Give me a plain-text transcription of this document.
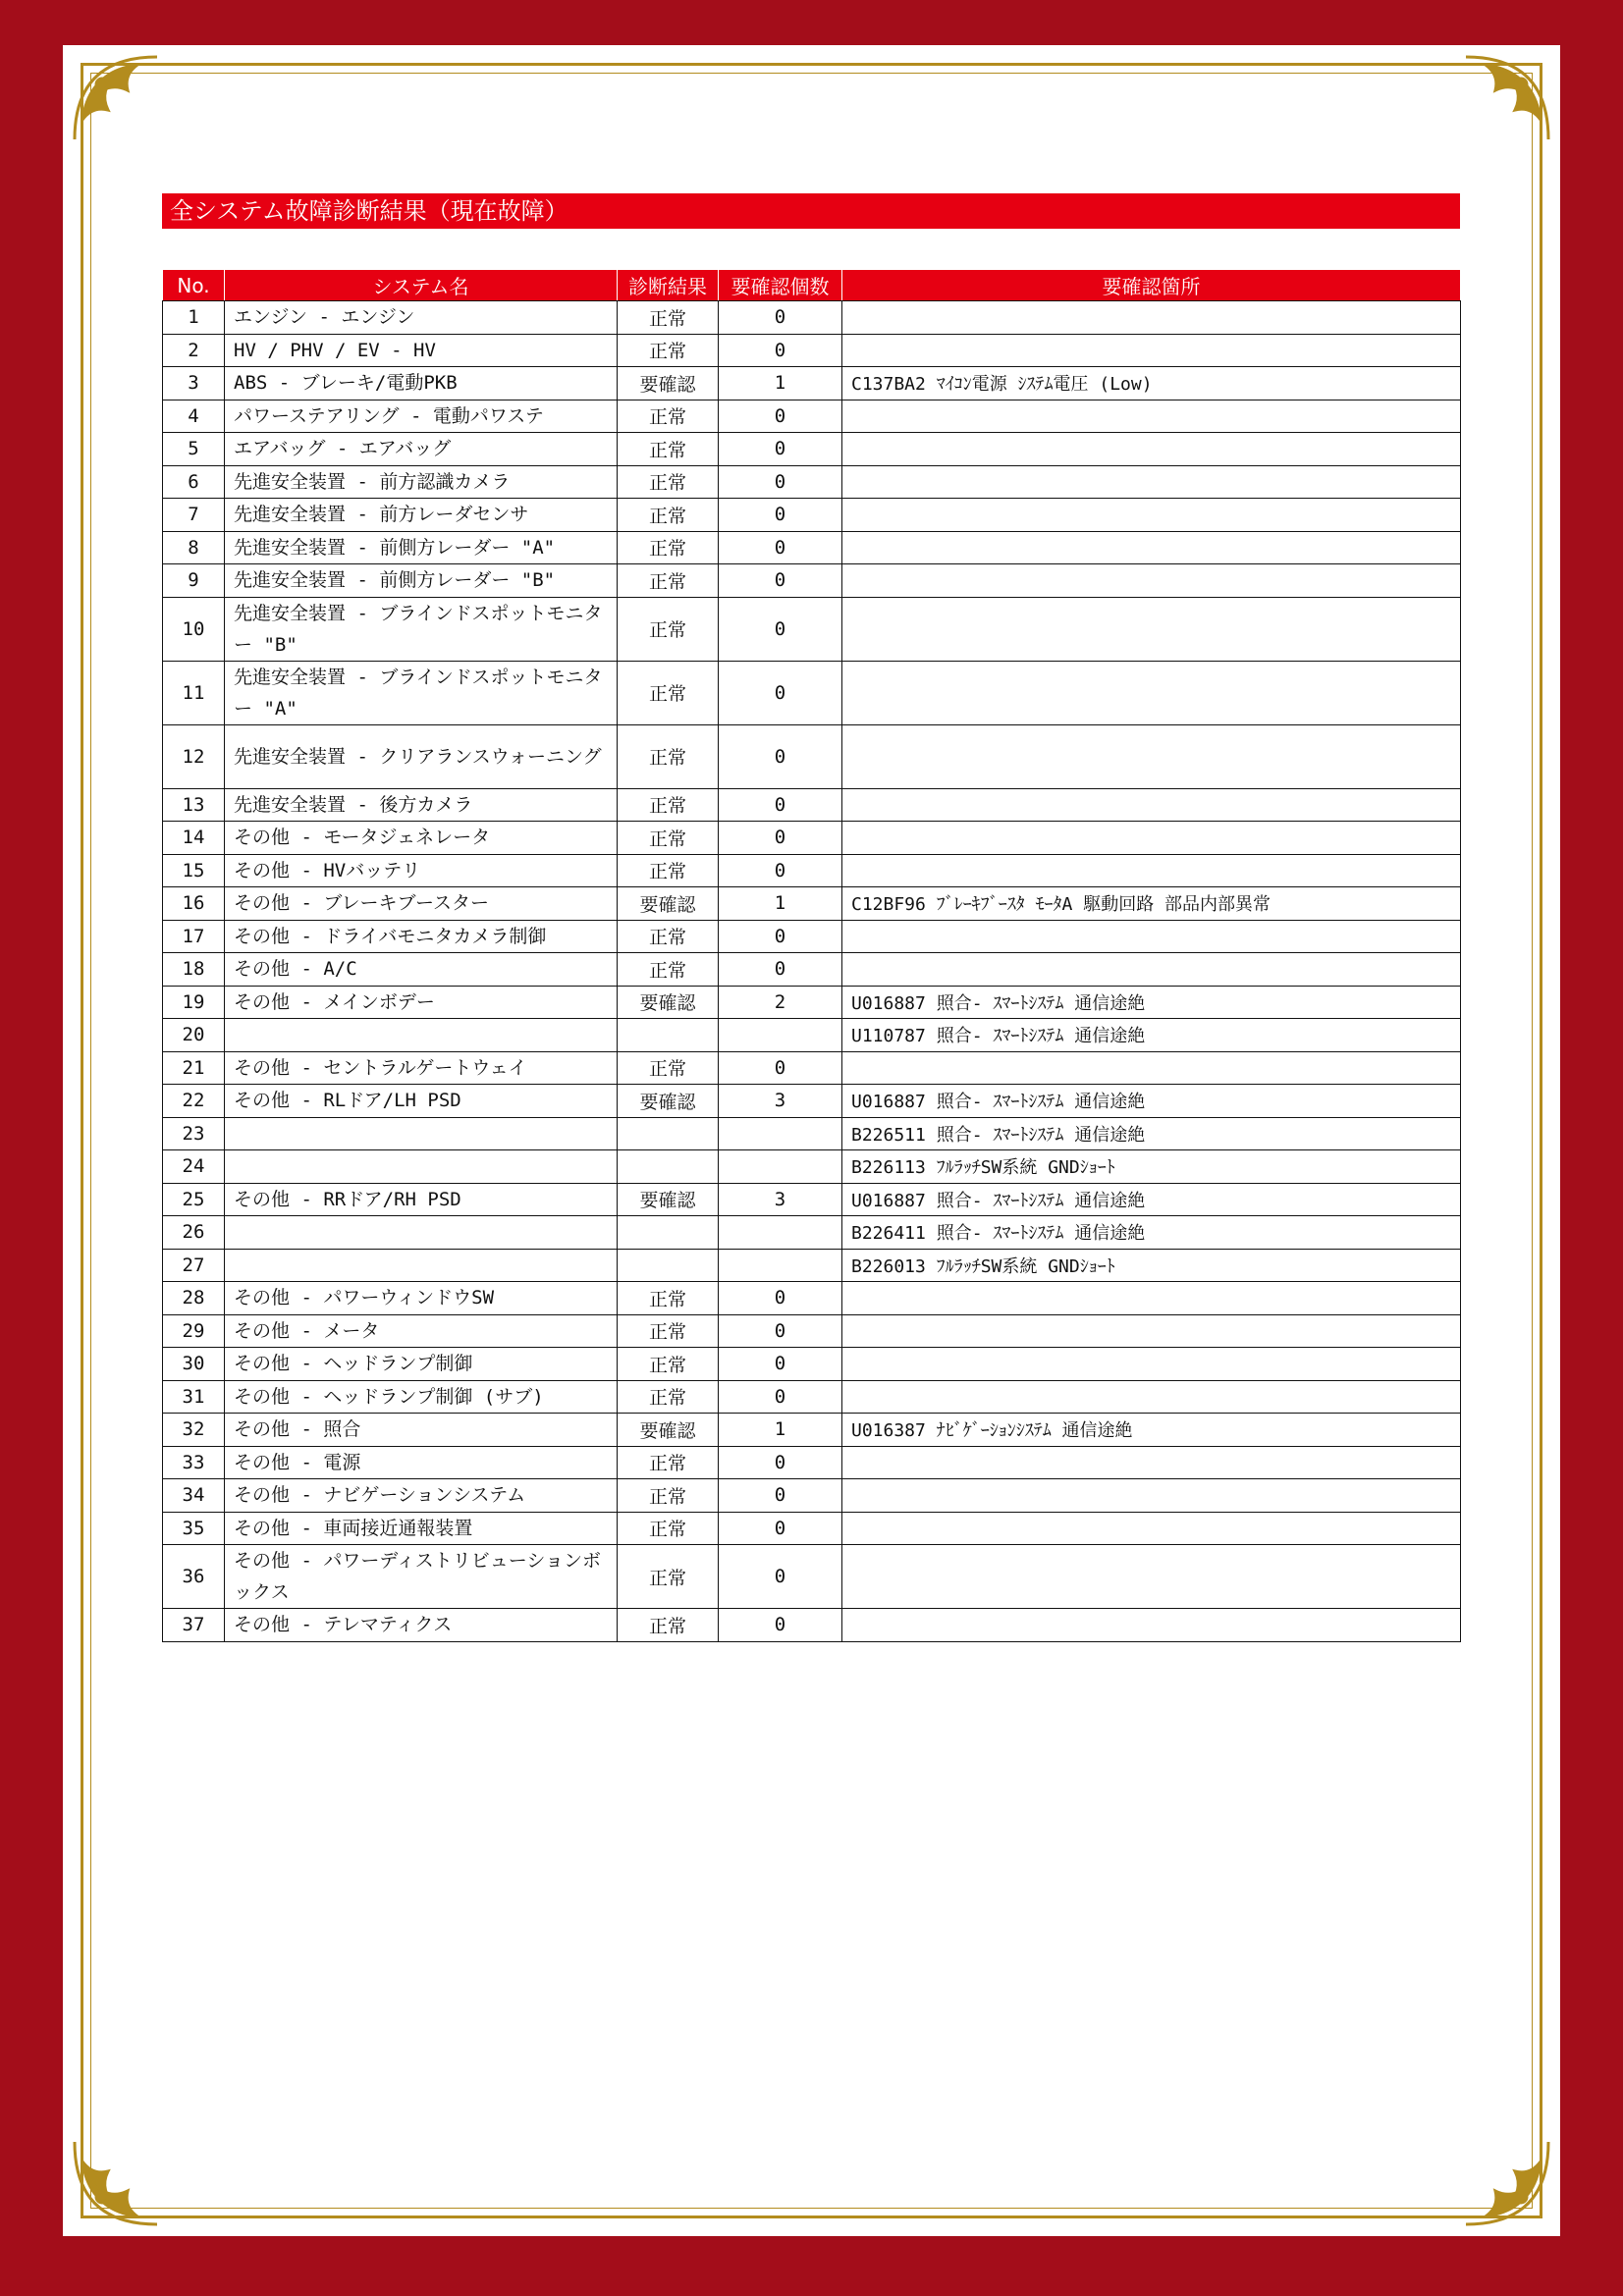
全システム故障診断結果（現在故障）
No.	システム名	診断結果	要確認個数	要確認箇所
1	エンジン - エンジン	正常	0	
2	HV / PHV / EV - HV	正常	0	
3	ABS - ブレーキ/電動PKB	要確認	1	C137BA2 ﾏｲｺﾝ電源 ｼｽﾃﾑ電圧 (Low)
4	パワーステアリング - 電動パワステ	正常	0	
5	エアバッグ - エアバッグ	正常	0	
6	先進安全装置 - 前方認識カメラ	正常	0	
7	先進安全装置 - 前方レーダセンサ	正常	0	
8	先進安全装置 - 前側方レーダー "A"	正常	0	
9	先進安全装置 - 前側方レーダー "B"	正常	0	
10	先進安全装置 - ブラインドスポットモニター "B"	正常	0	
11	先進安全装置 - ブラインドスポットモニター "A"	正常	0	
12	先進安全装置 - クリアランスウォーニング	正常	0	
13	先進安全装置 - 後方カメラ	正常	0	
14	その他 - モータジェネレータ	正常	0	
15	その他 - HVバッテリ	正常	0	
16	その他 - ブレーキブースター	要確認	1	C12BF96 ﾌﾞﾚｰｷﾌﾞｰｽﾀ ﾓｰﾀA 駆動回路 部品内部異常
17	その他 - ドライバモニタカメラ制御	正常	0	
18	その他 - A/C	正常	0	
19	その他 - メインボデー	要確認	2	U016887 照合- ｽﾏｰﾄｼｽﾃﾑ 通信途絶
20				U110787 照合- ｽﾏｰﾄｼｽﾃﾑ 通信途絶
21	その他 - セントラルゲートウェイ	正常	0	
22	その他 - RLドア/LH PSD	要確認	3	U016887 照合- ｽﾏｰﾄｼｽﾃﾑ 通信途絶
23				B226511 照合- ｽﾏｰﾄｼｽﾃﾑ 通信途絶
24				B226113 ﾌﾙﾗｯﾁSW系統 GNDｼｮｰﾄ
25	その他 - RRドア/RH PSD	要確認	3	U016887 照合- ｽﾏｰﾄｼｽﾃﾑ 通信途絶
26				B226411 照合- ｽﾏｰﾄｼｽﾃﾑ 通信途絶
27				B226013 ﾌﾙﾗｯﾁSW系統 GNDｼｮｰﾄ
28	その他 - パワーウィンドウSW	正常	0	
29	その他 - メータ	正常	0	
30	その他 - ヘッドランプ制御	正常	0	
31	その他 - ヘッドランプ制御 (サブ)	正常	0	
32	その他 - 照合	要確認	1	U016387 ﾅﾋﾞｹﾞｰｼｮﾝｼｽﾃﾑ 通信途絶
33	その他 - 電源	正常	0	
34	その他 - ナビゲーションシステム	正常	0	
35	その他 - 車両接近通報装置	正常	0	
36	その他 - パワーディストリビューションボックス	正常	0	
37	その他 - テレマティクス	正常	0	
